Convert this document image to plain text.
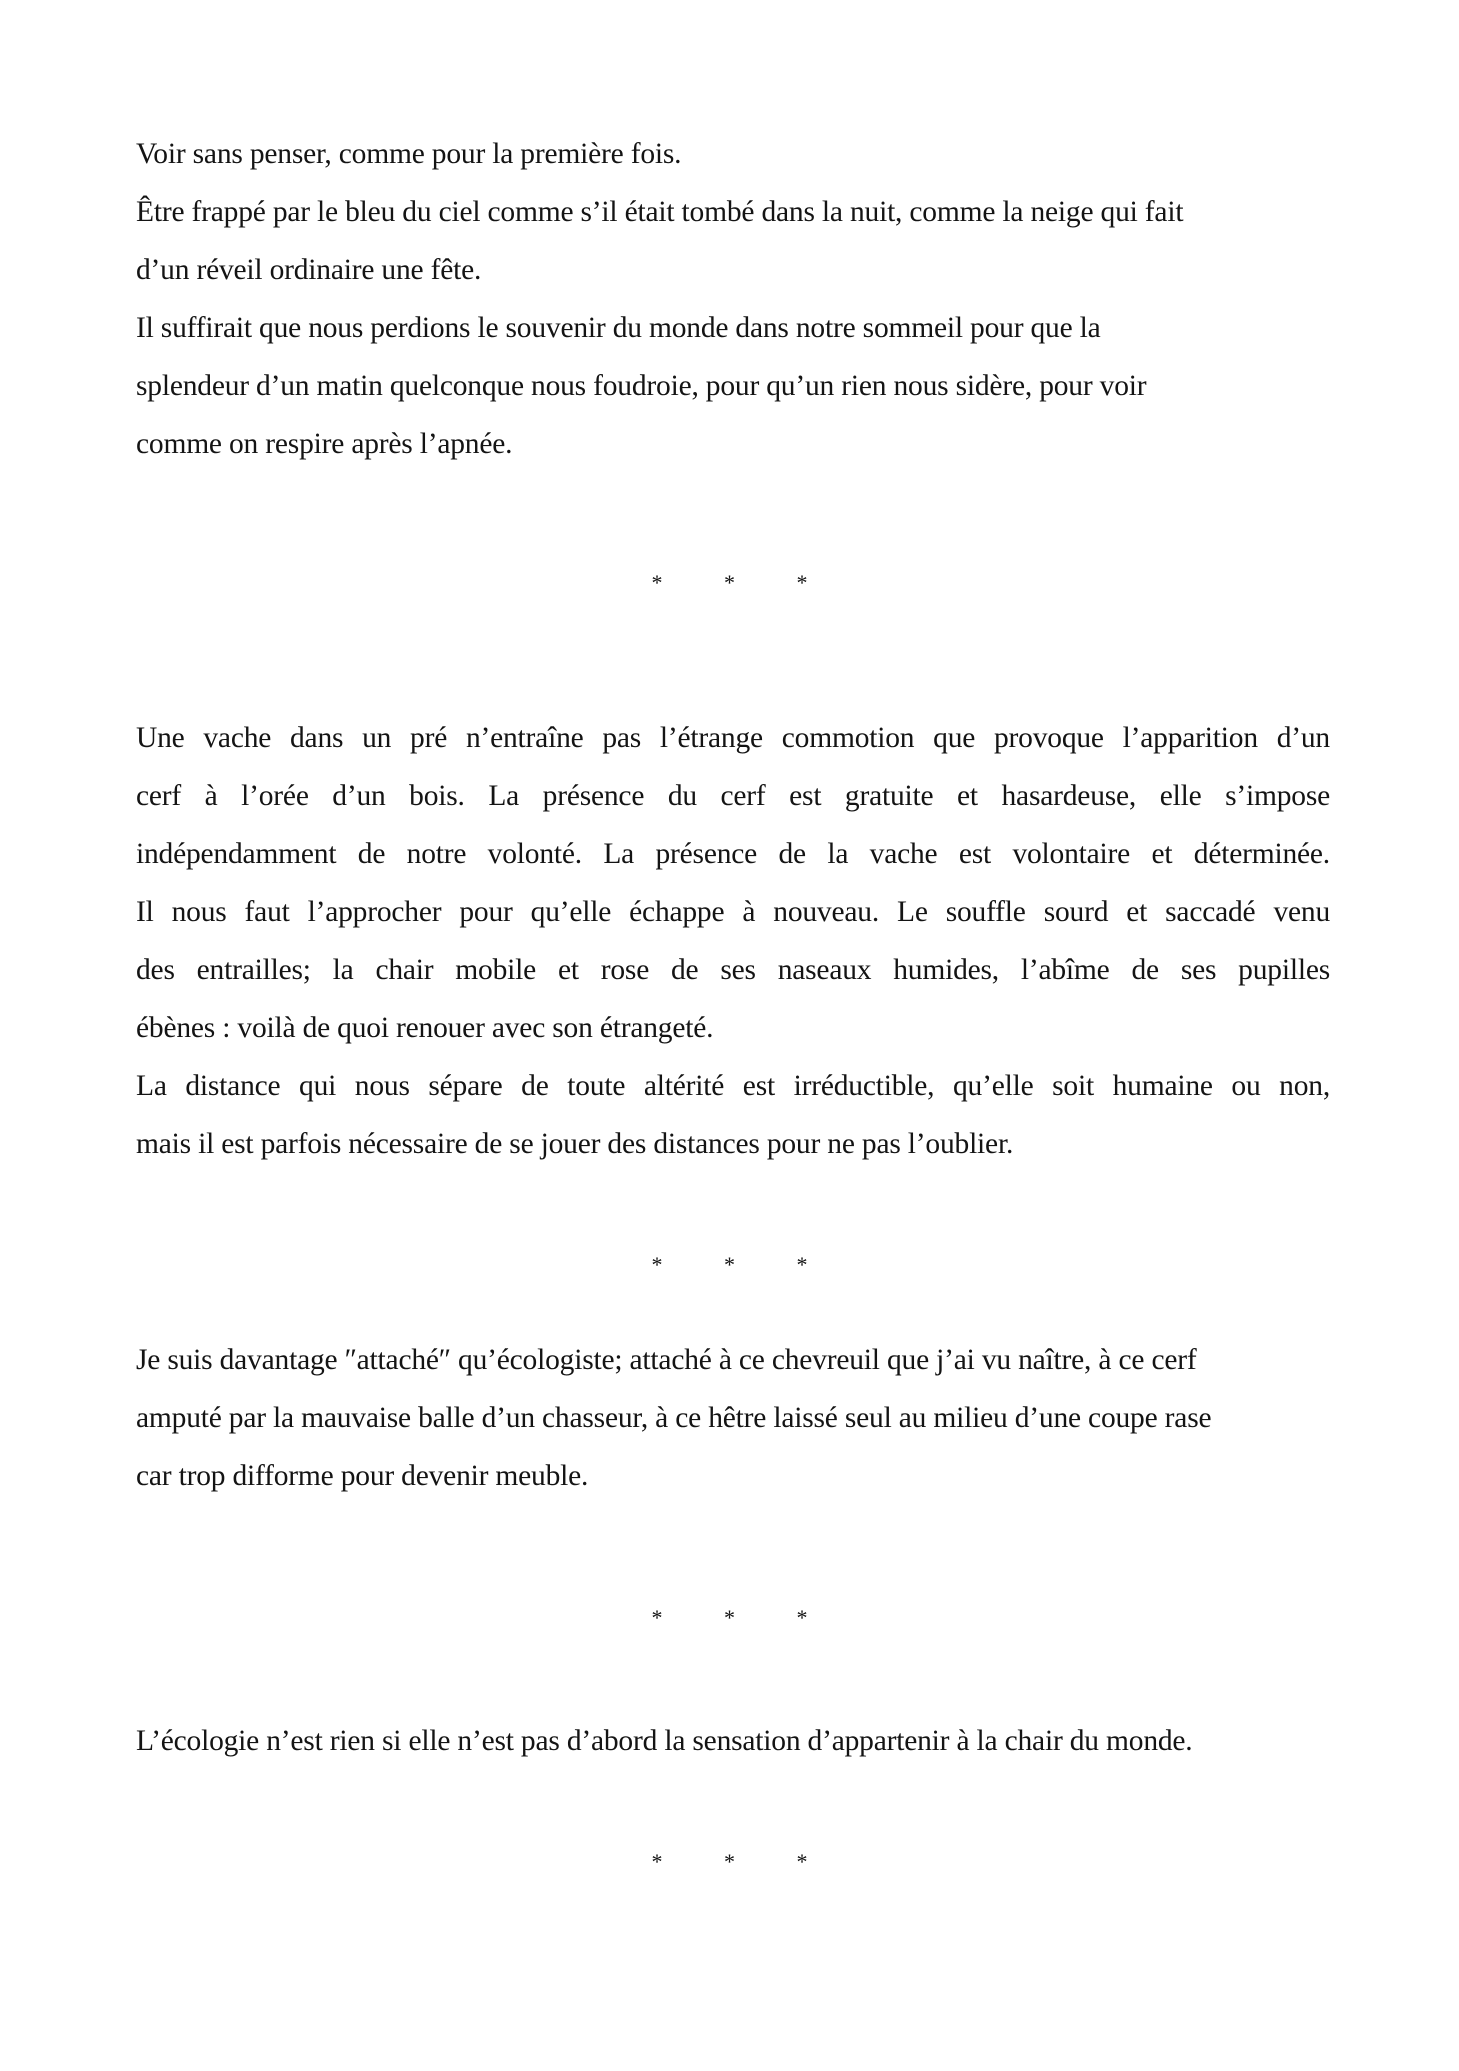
Voir sans penser, comme pour la première fois.
Être frappé par le bleu du ciel comme s’il était tombé dans la nuit, comme la neige qui fait
d’un réveil ordinaire une fête.
Il suffirait que nous perdions le souvenir du monde dans notre sommeil pour que la
splendeur d’un matin quelconque nous foudroie, pour qu’un rien nous sidère, pour voir
comme on respire après l’apnée.
* * *
Une vache dans un pré n’entraîne pas l’étrange commotion que provoque l’apparition d’un
cerf à l’orée d’un bois. La présence du cerf est gratuite et hasardeuse, elle s’impose
indépendamment de notre volonté. La présence de la vache est volontaire et déterminée.
Il nous faut l’approcher pour qu’elle échappe à nouveau. Le souffle sourd et saccadé venu
des entrailles; la chair mobile et rose de ses naseaux humides, l’abîme de ses pupilles
ébènes : voilà de quoi renouer avec son étrangeté.
La distance qui nous sépare de toute altérité est irréductible, qu’elle soit humaine ou non,
mais il est parfois nécessaire de se jouer des distances pour ne pas l’oublier.
* * *
Je suis davantage ″attaché″ qu’écologiste; attaché à ce chevreuil que j’ai vu naître, à ce cerf
amputé par la mauvaise balle d’un chasseur, à ce hêtre laissé seul au milieu d’une coupe rase
car trop difforme pour devenir meuble.
* * *
L’écologie n’est rien si elle n’est pas d’abord la sensation d’appartenir à la chair du monde.
* * *
